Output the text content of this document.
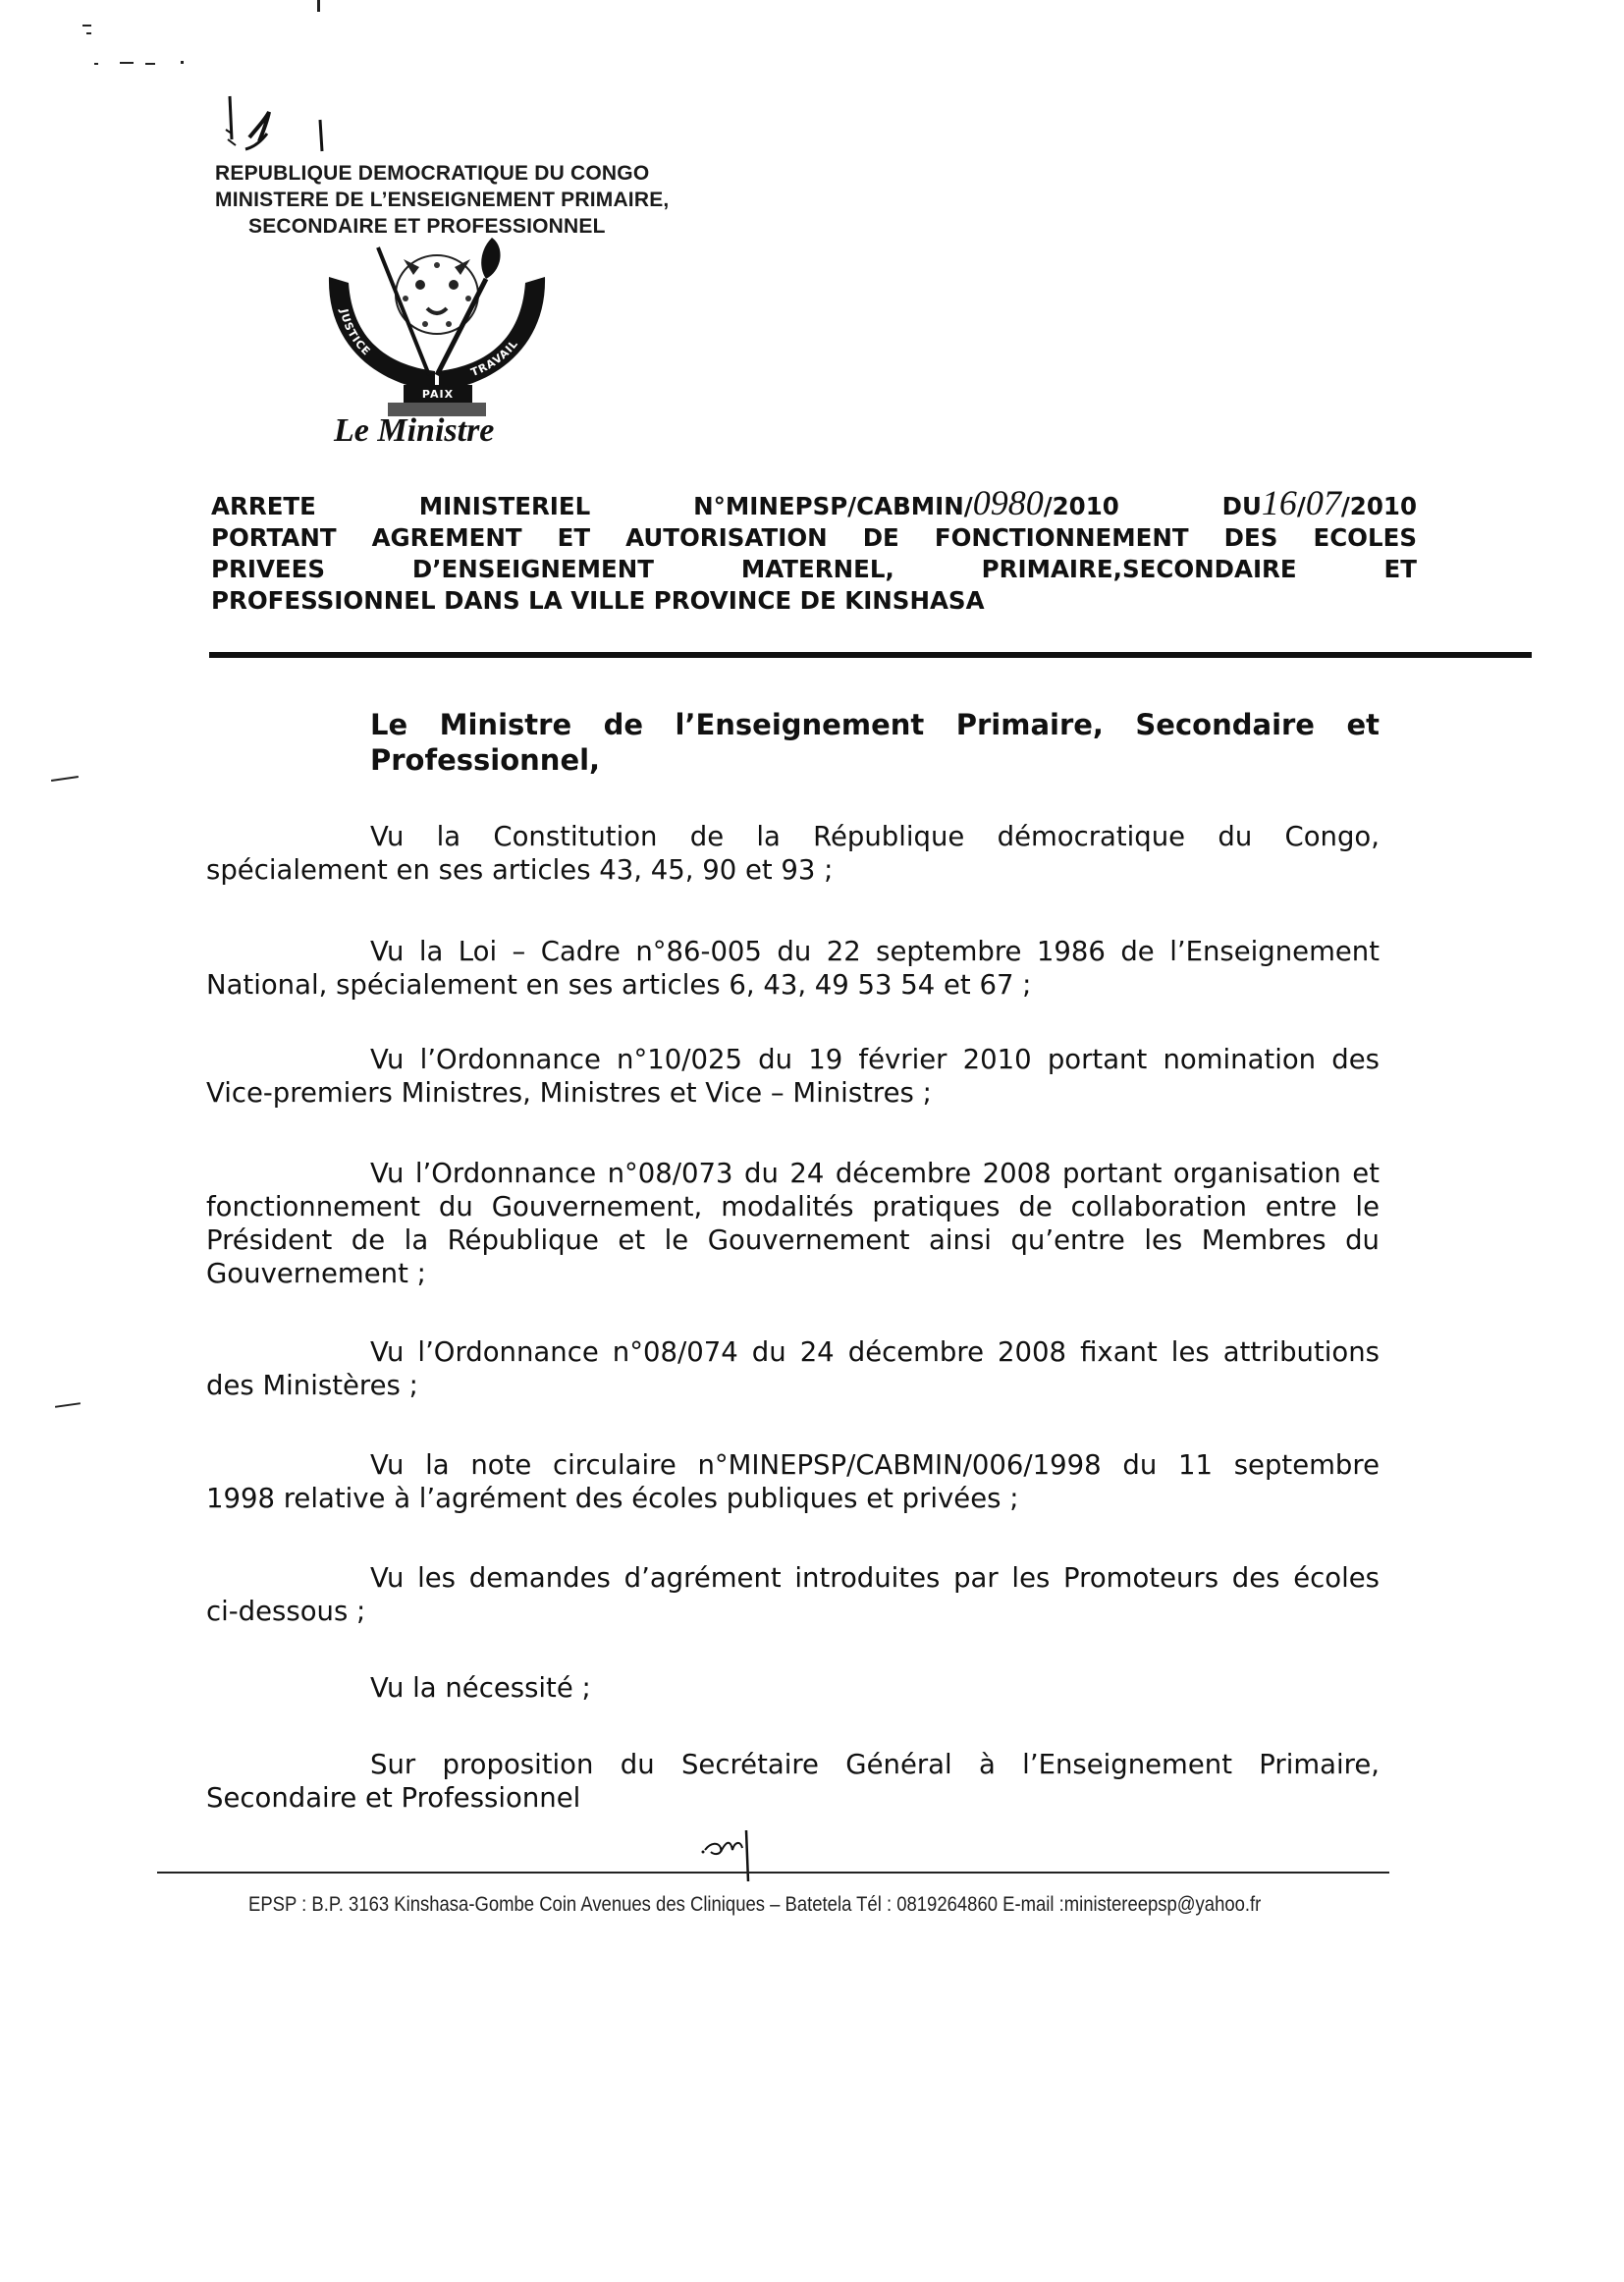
REPUBLIQUE DEMOCRATIQUE DU CONGO
MINISTERE DE L’ENSEIGNEMENT PRIMAIRE,
SECONDAIRE ET PROFESSIONNEL
JUSTICE
TRAVAIL
PAIX
Le Ministre
ARRETE	MINISTERIEL	N°MINEPSP/CABMIN/0980/2010	DU16/07/2010
PORTANT AGREMENT ET AUTORISATION DE FONCTIONNEMENT DES ECOLES
PRIVEES D’ENSEIGNEMENT MATERNEL, PRIMAIRE,SECONDAIRE ET
PROFESSIONNEL DANS LA VILLE PROVINCE DE KINSHASA
Le Ministre de l’Enseignement Primaire, Secondaire et
Professionnel,
Vu la Constitution de la République démocratique du Congo,
spécialement en ses articles 43, 45, 90 et 93 ;
Vu la Loi – Cadre n°86-005 du 22 septembre 1986 de l’Enseignement
National, spécialement en ses articles 6, 43, 49 53 54 et 67 ;
Vu l’Ordonnance n°10/025 du 19 février 2010 portant nomination des
Vice-premiers Ministres, Ministres et Vice – Ministres ;
Vu l’Ordonnance n°08/073 du 24 décembre 2008 portant organisation et
fonctionnement du Gouvernement, modalités pratiques de collaboration entre le
Président de la République et le Gouvernement ainsi qu’entre les Membres du
Gouvernement ;
Vu l’Ordonnance n°08/074 du 24 décembre 2008 fixant les attributions
des Ministères ;
Vu la note circulaire n°MINEPSP/CABMIN/006/1998 du 11 septembre
1998 relative à l’agrément des écoles publiques et privées ;
Vu les demandes d’agrément introduites par les Promoteurs des écoles
ci-dessous ;
Vu la nécessité ;
Sur proposition du Secrétaire Général à l’Enseignement Primaire,
Secondaire et Professionnel
EPSP : B.P. 3163 Kinshasa-Gombe Coin Avenues des Cliniques – Batetela Tél : 0819264860 E-mail :ministereepsp@yahoo.fr
